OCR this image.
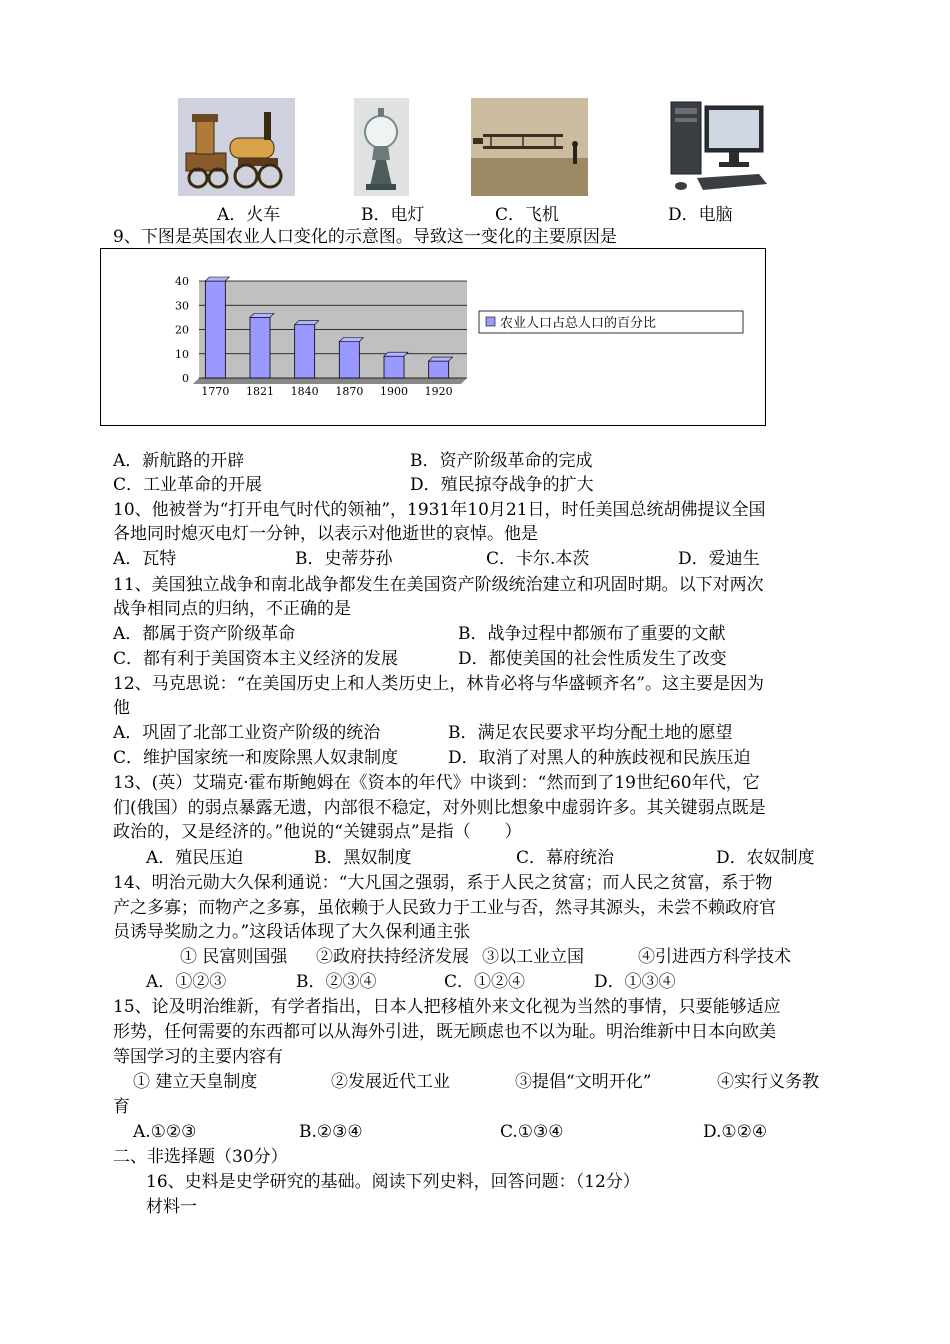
A．火车	B．电灯	C．飞机	D．电脑
9、下图是英国农业人口变化的示意图。导致这一变化的主要原因是
0
10
20
30
40
1770 1821 1840 1870 1900 1920
农业人口占总人口的百分比
A．新航路的开辟	B．资产阶级革命的完成
C．工业革命的开展	D．殖民掠夺战争的扩大
10、他被誉为“打开电气时代的领袖”，1931年10月21日，时任美国总统胡佛提议全国
各地同时熄灭电灯一分钟，以表示对他逝世的哀悼。他是
A．瓦特	B．史蒂芬孙	C．卡尔.本茨	D．爱迪生
11、美国独立战争和南北战争都发生在美国资产阶级统治建立和巩固时期。以下对两次
战争相同点的归纳，不正确的是
A．都属于资产阶级革命	B．战争过程中都颁布了重要的文献
C．都有利于美国资本主义经济的发展	D．都使美国的社会性质发生了改变
12、马克思说：“在美国历史上和人类历史上，林肯必将与华盛顿齐名”。这主要是因为
他
A．巩固了北部工业资产阶级的统治	B．满足农民要求平均分配土地的愿望
C．维护国家统一和废除黑人奴隶制度	D．取消了对黑人的种族歧视和民族压迫
13、(英）艾瑞克·霍布斯鲍姆在《资本的年代》中谈到：“然而到了19世纪60年代，它
们(俄国）的弱点暴露无遗，内部很不稳定，对外则比想象中虚弱许多。其关键弱点既是
政治的，又是经济的。”他说的“关键弱点”是指（　　）
A．殖民压迫	B．黑奴制度	C．幕府统治	D．农奴制度
14、明治元勋大久保利通说：“大凡国之强弱，系于人民之贫富；而人民之贫富，系于物
产之多寡；而物产之多寡，虽依赖于人民致力于工业与否，然寻其源头，未尝不赖政府官
员诱导奖励之力。”这段话体现了大久保利通主张
① 民富则国强 ②政府扶持经济发展 ③以工业立国	④引进西方科学技术
A．①②③	B．②③④	C．①②④	D．①③④
15、论及明治维新，有学者指出，日本人把移植外来文化视为当然的事情，只要能够适应
形势，任何需要的东西都可以从海外引进，既无顾虑也不以为耻。明治维新中日本向欧美
等国学习的主要内容有
① 建立天皇制度	②发展近代工业	③提倡“文明开化”	④实行义务教
育
A.①②③	B.②③④	C.①③④	D.①②④
二、非选择题（30分）
16、史料是史学研究的基础。阅读下列史料，回答问题：（12分）
材料一
